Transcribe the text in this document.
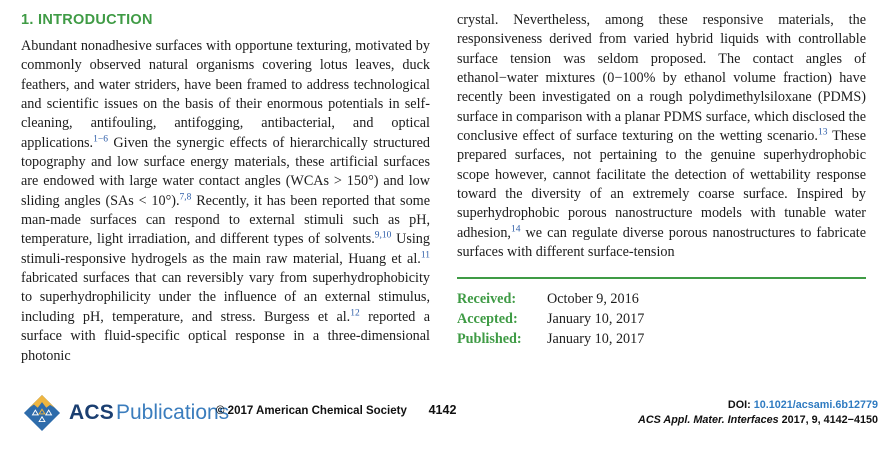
1. INTRODUCTION

Abundant nonadhesive surfaces with opportune texturing, motivated by commonly observed natural organisms covering lotus leaves, duck feathers, and water striders, have been framed to address technological and scientific issues on the basis of their enormous potentials in self-cleaning, antifouling, antifogging, antibacterial, and optical applications.$^{1-6}$ Given the synergic effects of hierarchically structured topography and low surface energy materials, these artificial surfaces are endowed with large water contact angles (WCAs > 150°) and low sliding angles (SAs < 10°).$^{7,8}$ Recently, it has been reported that some man-made surfaces can respond to external stimuli such as pH, temperature, light irradiation, and different types of solvents.$^{9,10}$ Using stimuli-responsive hydrogels as the main raw material, Huang et al.$^{11}$ fabricated surfaces that can reversibly vary from superhydrophobicity to superhydrophilicity under the influence of an external stimulus, including pH, temperature, and stress. Burgess et al.$^{12}$ reported a surface with fluid-specific optical response in a three-dimensional photonic

crystal. Nevertheless, among these responsive materials, the responsiveness derived from varied hybrid liquids with controllable surface tension was seldom proposed. The contact angles of ethanol−water mixtures (0−100% by ethanol volume fraction) have recently been investigated on a rough polydimethylsiloxane (PDMS) surface in comparison with a planar PDMS surface, which disclosed the conclusive effect of surface texturing on the wetting scenario.$^{13}$ These prepared surfaces, not pertaining to the genuine superhydrophobic scope however, cannot facilitate the detection of wettability response toward the diversity of an extremely coarse surface. Inspired by superhydrophobic porous nanostructure models with tunable water adhesion,$^{14}$ we can regulate diverse porous nanostructures to fabricate surfaces with different surface-tension

Received:	October 9, 2016
Accepted:	January 10, 2017
Published:	January 10, 2017
ACSPublications
© 2017 American Chemical Society 4142	DOI: 10.1021/acsami.6b12779
ACS Appl. Mater. Interfaces 2017, 9, 4142−4150
